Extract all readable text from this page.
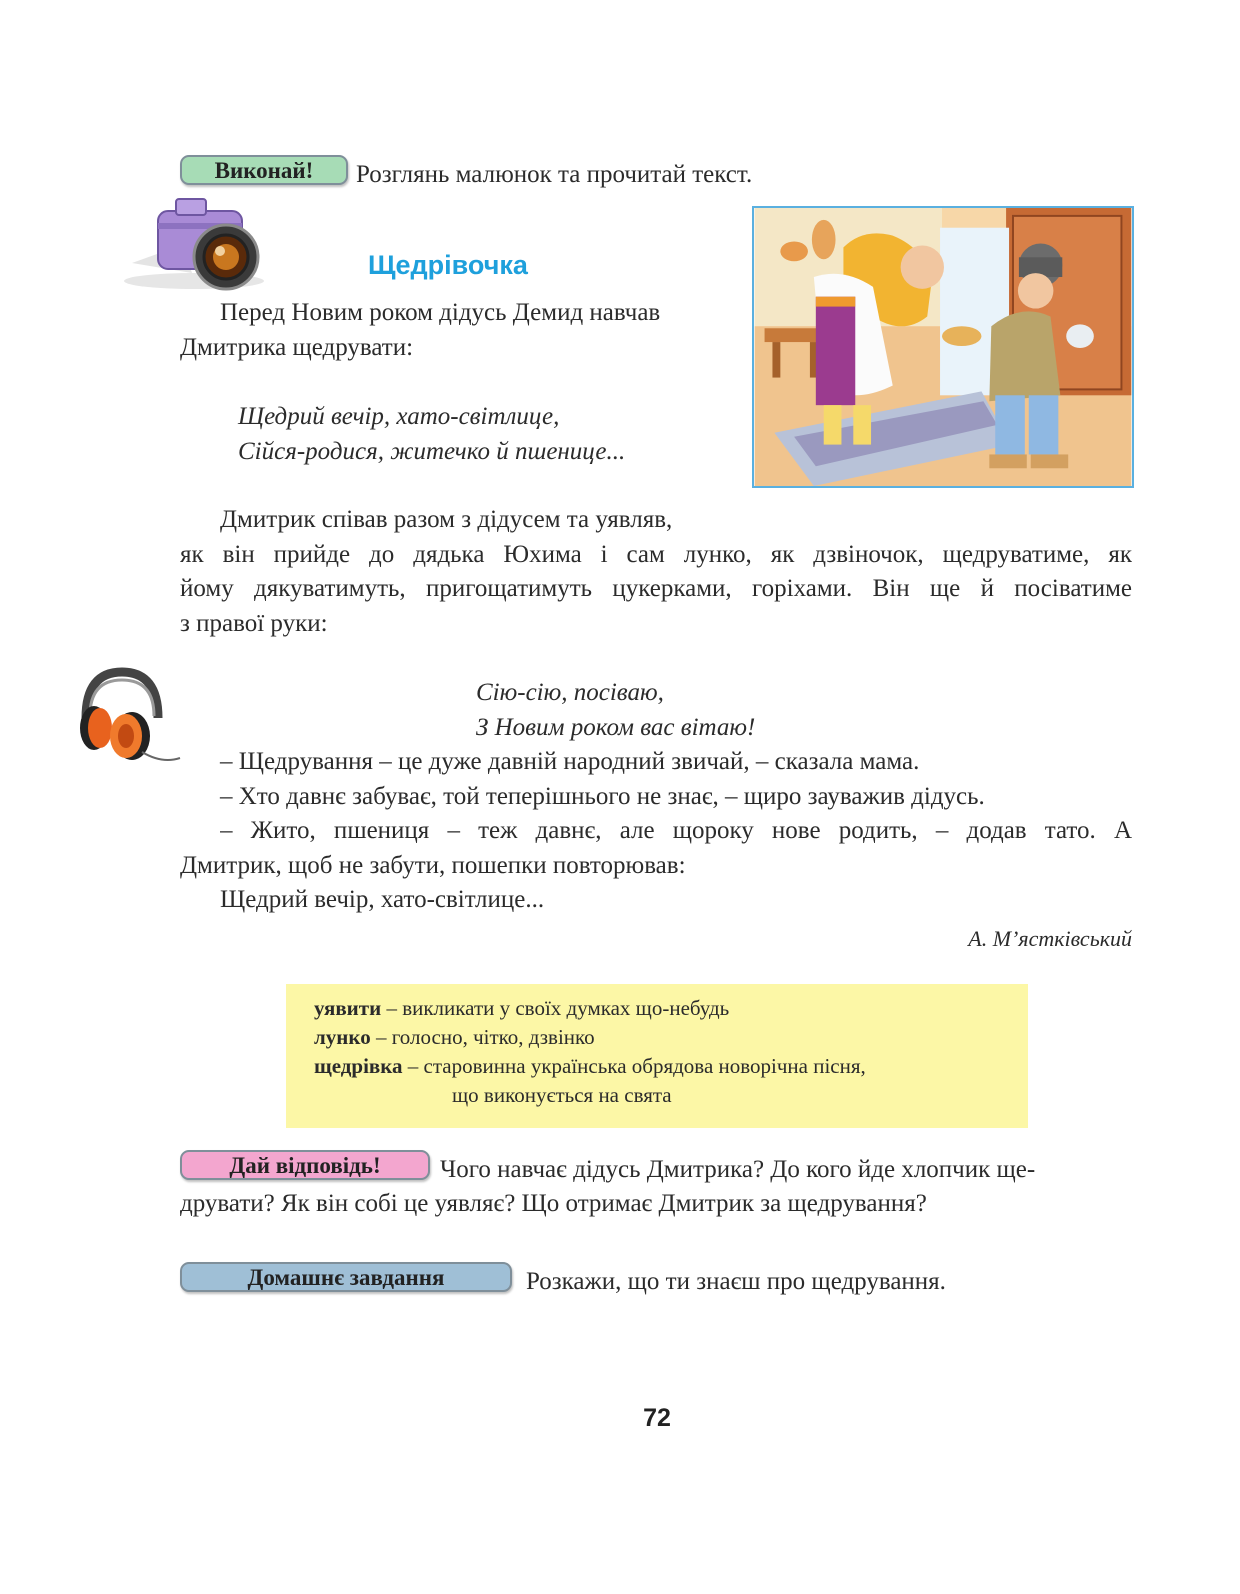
Виконай!	Розглянь малюнок та прочитай текст.
Щедрівочка
Перед Новим роком дідусь Демид навчав
Дмитрика щедрувати:
Щедрий вечір, хато-світлице,
Сійся-родися, житечко й пшенице...
Дмитрик співав разом з дідусем та уявляв,
як він прийде до дядька Юхима і сам лунко, як дзвіночок, щедруватиме, як
йому дякуватимуть, пригощатимуть цукерками, горіхами. Він ще й посіватиме
з правої руки:
Сію-сію, посіваю,
З Новим роком вас вітаю!
– Щедрування – це дуже давній народний звичай, – сказала мама.
– Хто давнє забуває, той теперішнього не знає, – щиро зауважив дідусь.
– Жито, пшениця – теж давнє, але щороку нове родить, – додав тато. А
Дмитрик, щоб не забути, пошепки повторював:
Щедрий вечір, хато-світлице...
А. М’ястківський
уявити – викликати у своїх думках що-небудь
лунко – голосно, чітко, дзвінко
щедрівка – старовинна українська обрядова новорічна пісня,
що виконується на свята
Дай відповідь!	Чого навчає дідусь Дмитрика? До кого йде хлопчик ще-
друвати? Як він собі це уявляє? Що отримає Дмитрик за щедрування?
Домашнє завдання	Розкажи, що ти знаєш про щедрування.
72
